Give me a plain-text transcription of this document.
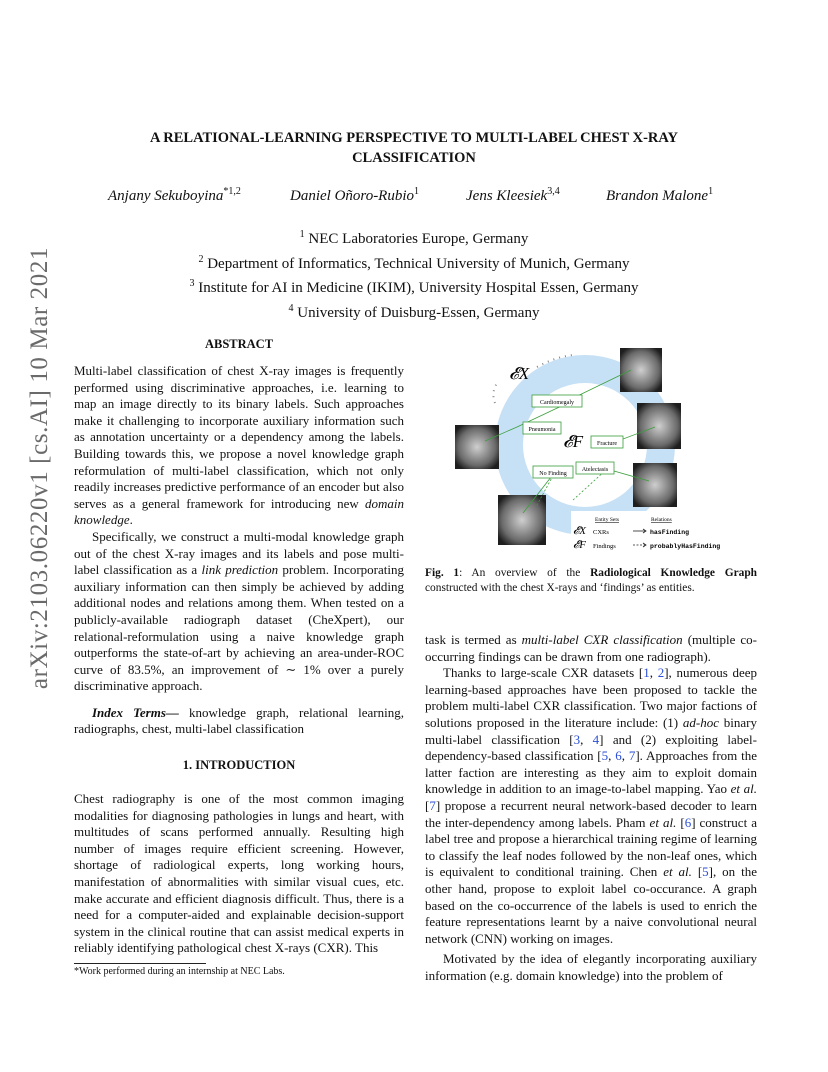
arXiv:2103.06220v1 [cs.AI] 10 Mar 2021
A RELATIONAL-LEARNING PERSPECTIVE TO MULTI-LABEL CHEST X-RAY CLASSIFICATION
Anjany Sekuboyina$^{*1,2}$	Daniel Oñoro-Rubio$^1$	Jens Kleesiek$^{3,4}$	Brandon Malone$^1$
$^1$ NEC Laboratories Europe, Germany
$^2$ Department of Informatics, Technical University of Munich, Germany
$^3$ Institute for AI in Medicine (IKIM), University Hospital Essen, Germany
$^4$ University of Duisburg-Essen, Germany
ABSTRACT

Multi-label classification of chest X-ray images is frequently performed using discriminative approaches, i.e. learning to map an image directly to its binary labels. Such approaches make it challenging to incorporate auxiliary information such as annotation uncertainty or a dependency among the labels. Building towards this, we propose a novel knowledge graph reformulation of multi-label classification, which not only readily increases predictive performance of an encoder but also serves as a general framework for introducing new domain knowledge.

Specifically, we construct a multi-modal knowledge graph out of the chest X-ray images and its labels and pose multi-label classification as a link prediction problem. Incorporating auxiliary information can then simply be achieved by adding additional nodes and relations among them. When tested on a publicly-available radiograph dataset (CheXpert), our relational-reformulation using a naive knowledge graph outperforms the state-of-art by achieving an area-under-ROC curve of 83.5%, an improvement of ∼ 1% over a purely discriminative approach.

Index Terms— knowledge graph, relational learning, radiographs, chest, multi-label classification

1. INTRODUCTION

Chest radiography is one of the most common imaging modalities for diagnosing pathologies in lungs and heart, with multitudes of scans performed annually. Resulting high number of images require efficient screening. However, shortage of radiological experts, long working hours, manifestation of abnormalities with similar visual cues, etc. make accurate and efficient diagnosis difficult. Thus, there is a need for a computer-aided and explainable decision-support system in the clinical routine that can assist medical experts in reliably identifying pathological chest X-rays (CXR). This

*Work performed during an internship at NEC Labs.
Cardiomegaly
Pneumonia
Fracture
Atelectasis
No Finding
𝓔X
𝓔F
Entity Sets	Relations
𝓔X CXRs	hasFinding
𝓔F Findings	probablyHasFinding
Fig. 1: An overview of the Radiological Knowledge Graph constructed with the chest X-rays and ‘findings’ as entities.

task is termed as multi-label CXR classification (multiple co-occurring findings can be drawn from one radiograph).

Thanks to large-scale CXR datasets [1, 2], numerous deep learning-based approaches have been proposed to tackle the problem multi-label CXR classification. Two major factions of solutions proposed in the literature include: (1) ad-hoc binary multi-label classification [3, 4] and (2) exploiting label-dependency-based classification [5, 6, 7]. Approaches from the latter faction are interesting as they aim to exploit domain knowledge in addition to an image-to-label mapping. Yao et al. [7] propose a recurrent neural network-based decoder to learn the inter-dependency among labels. Pham et al. [6] construct a label tree and propose a hierarchical training regime of learning to classify the leaf nodes followed by the non-leaf ones, which is equivalent to conditional training. Chen et al. [5], on the other hand, propose to exploit label co-occurance. A graph based on the co-occurrence of the labels is used to enrich the feature representations learnt by a naive convolutional neural network (CNN) working on images.

Motivated by the idea of elegantly incorporating auxiliary information (e.g. domain knowledge) into the problem of
